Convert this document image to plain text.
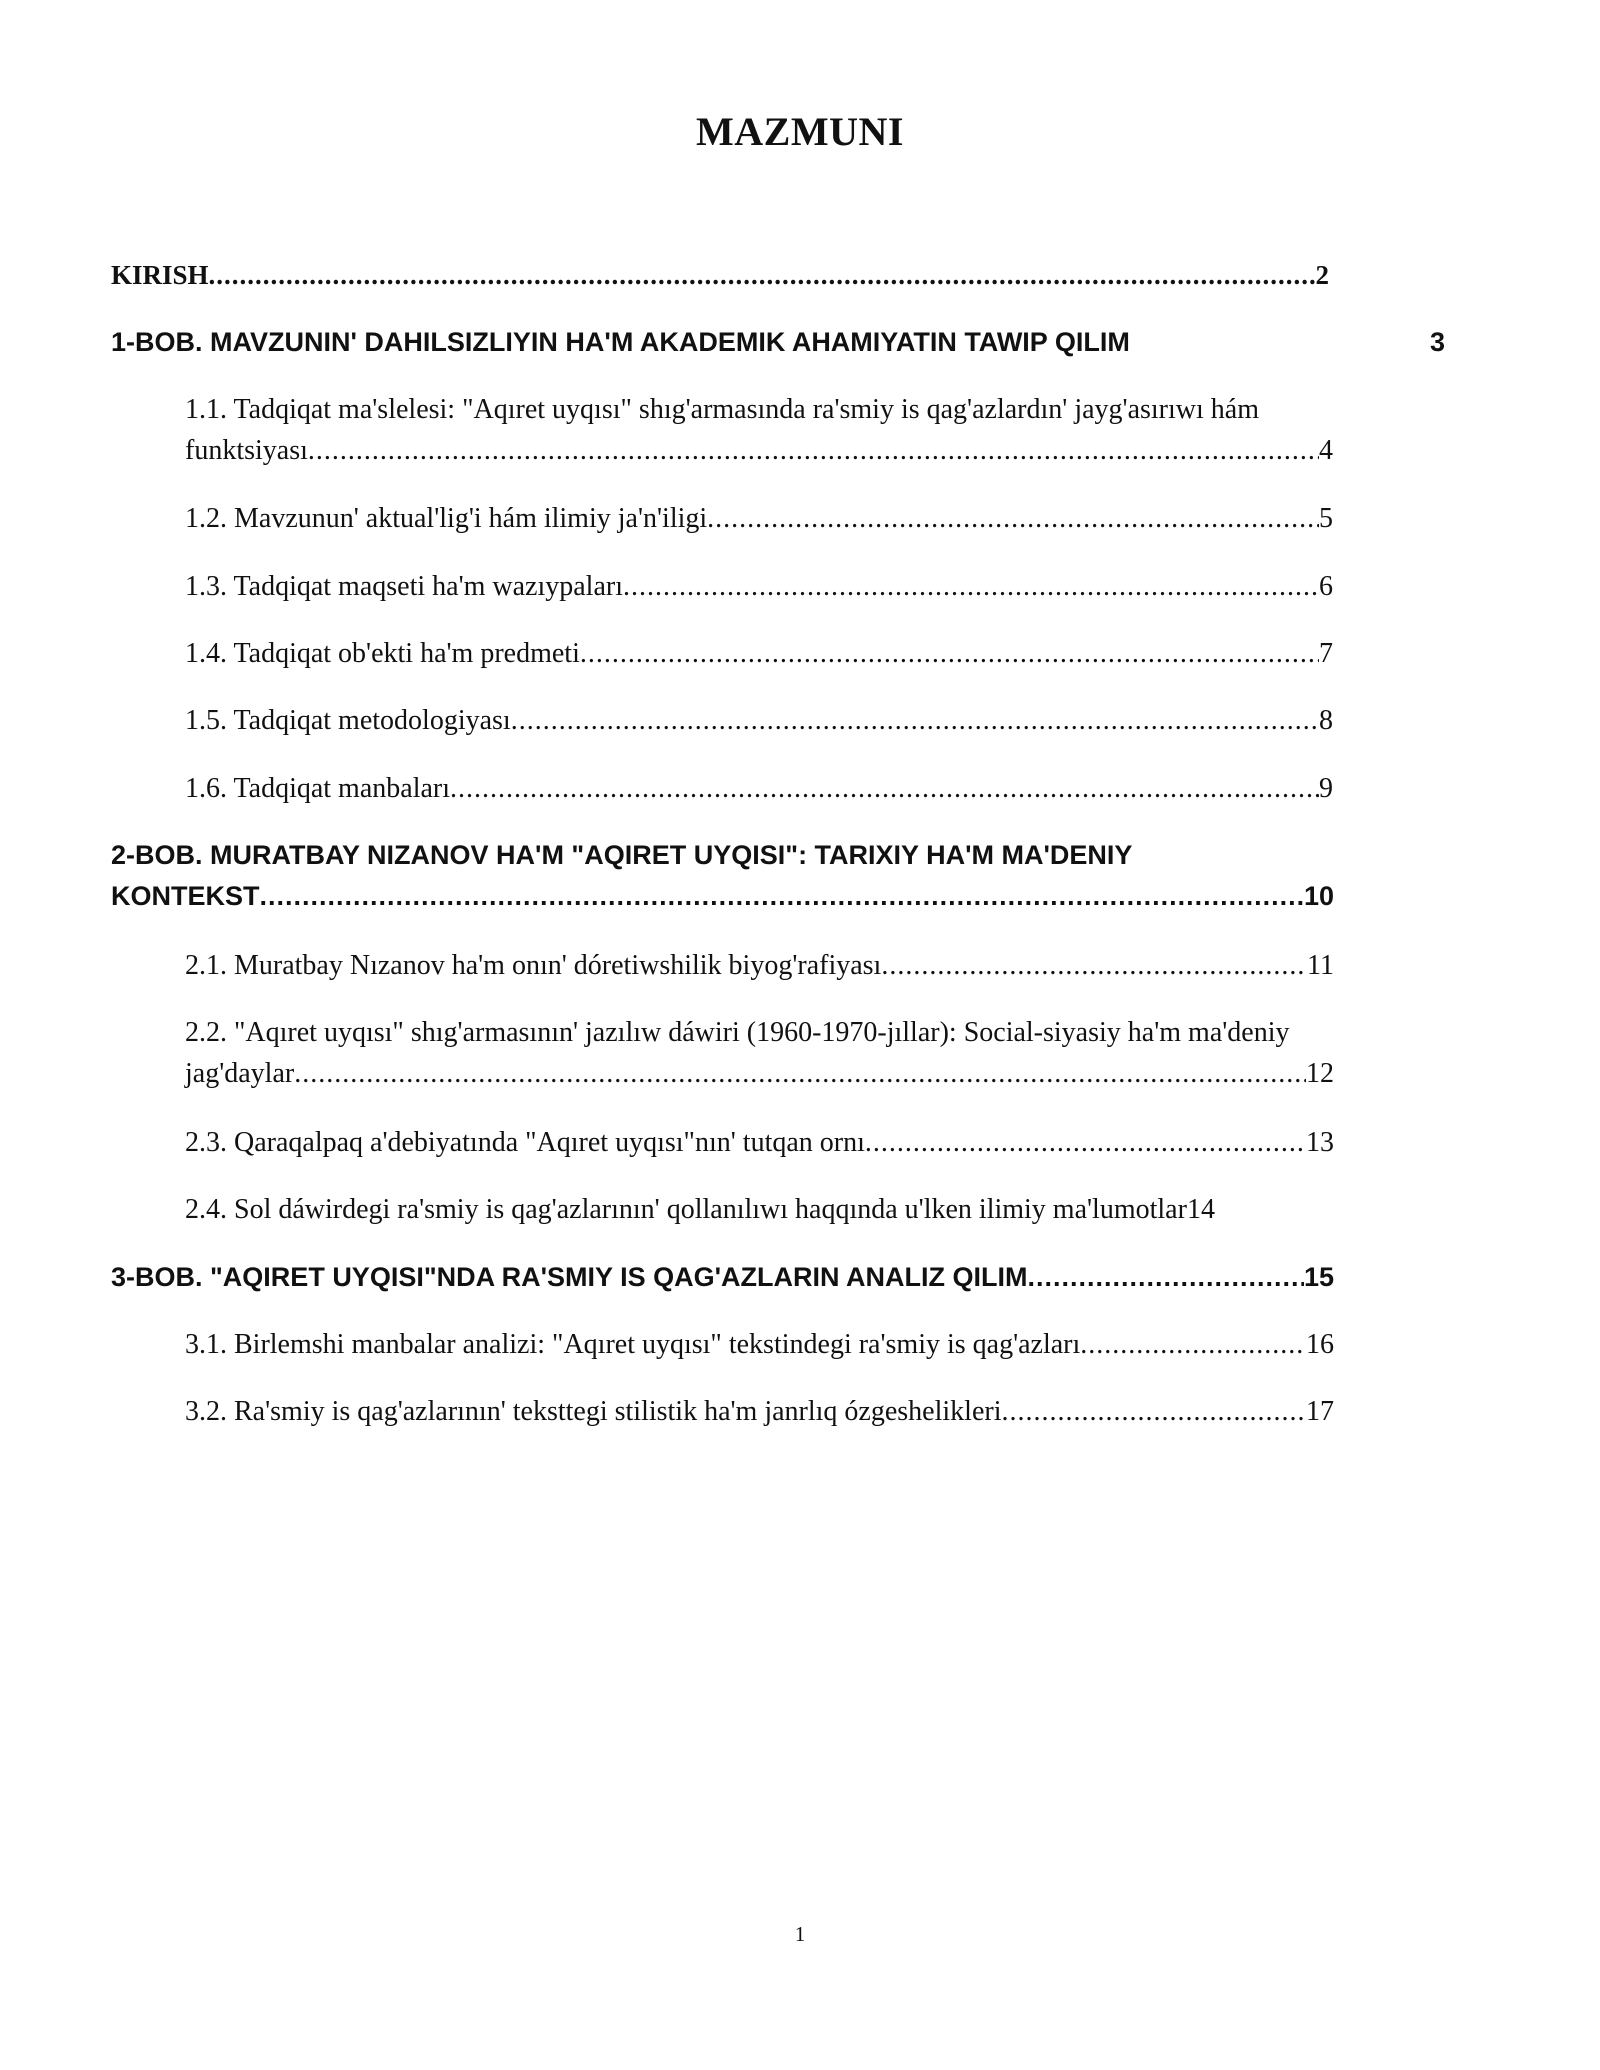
MAZMUNI
KIRISH .....	2
1-BOB. MAVZUNIN' DAHILSIZLIYIN HA'M AKADEMIK AHAMIYATIN TAWIP QILIM	3
1.1. Tadqiqat ma'slelesi: "Aqıret uyqısı" shıg'armasında ra'smiy is qag'azlardın' jayg'asırıwı hám
funktsiyası .....	4
1.2. Mavzunun' aktual'lig'i hám ilimiy ja'n'iligi .....	5
1.3. Tadqiqat maqseti ha'm wazıypaları .....	6
1.4. Tadqiqat ob'ekti ha'm predmeti .....	7
1.5. Tadqiqat metodologiyası .....	8
1.6. Tadqiqat manbaları .....	9
2-BOB. MURATBAY NIZANOV HA'M "AQIRET UYQISI": TARIXIY HA'M MA'DENIY
KONTEKST .....	10
2.1. Muratbay Nızanov ha'm onın' dóretiwshilik biyog'rafiyası .....	11
2.2. "Aqıret uyqısı" shıg'armasının' jazılıw dáwiri (1960-1970-jıllar): Social-siyasiy ha'm ma'deniy
jag'daylar .....	12
2.3. Qaraqalpaq a'debiyatında "Aqıret uyqısı"nın' tutqan ornı .....	13
2.4. Sol dáwirdegi ra'smiy is qag'azlarının' qollanılıwı haqqında u'lken ilimiy ma'lumotlar 14
3-BOB. "AQIRET UYQISI"NDA RA'SMIY IS QAG'AZLARIN ANALIZ QILIM .....	15
3.1. Birlemshi manbalar analizi: "Aqıret uyqısı" tekstindegi ra'smiy is qag'azları .....	16
3.2. Ra'smiy is qag'azlarının' teksttegi stilistik ha'm janrlıq ózgeshelikleri .....	17
1
